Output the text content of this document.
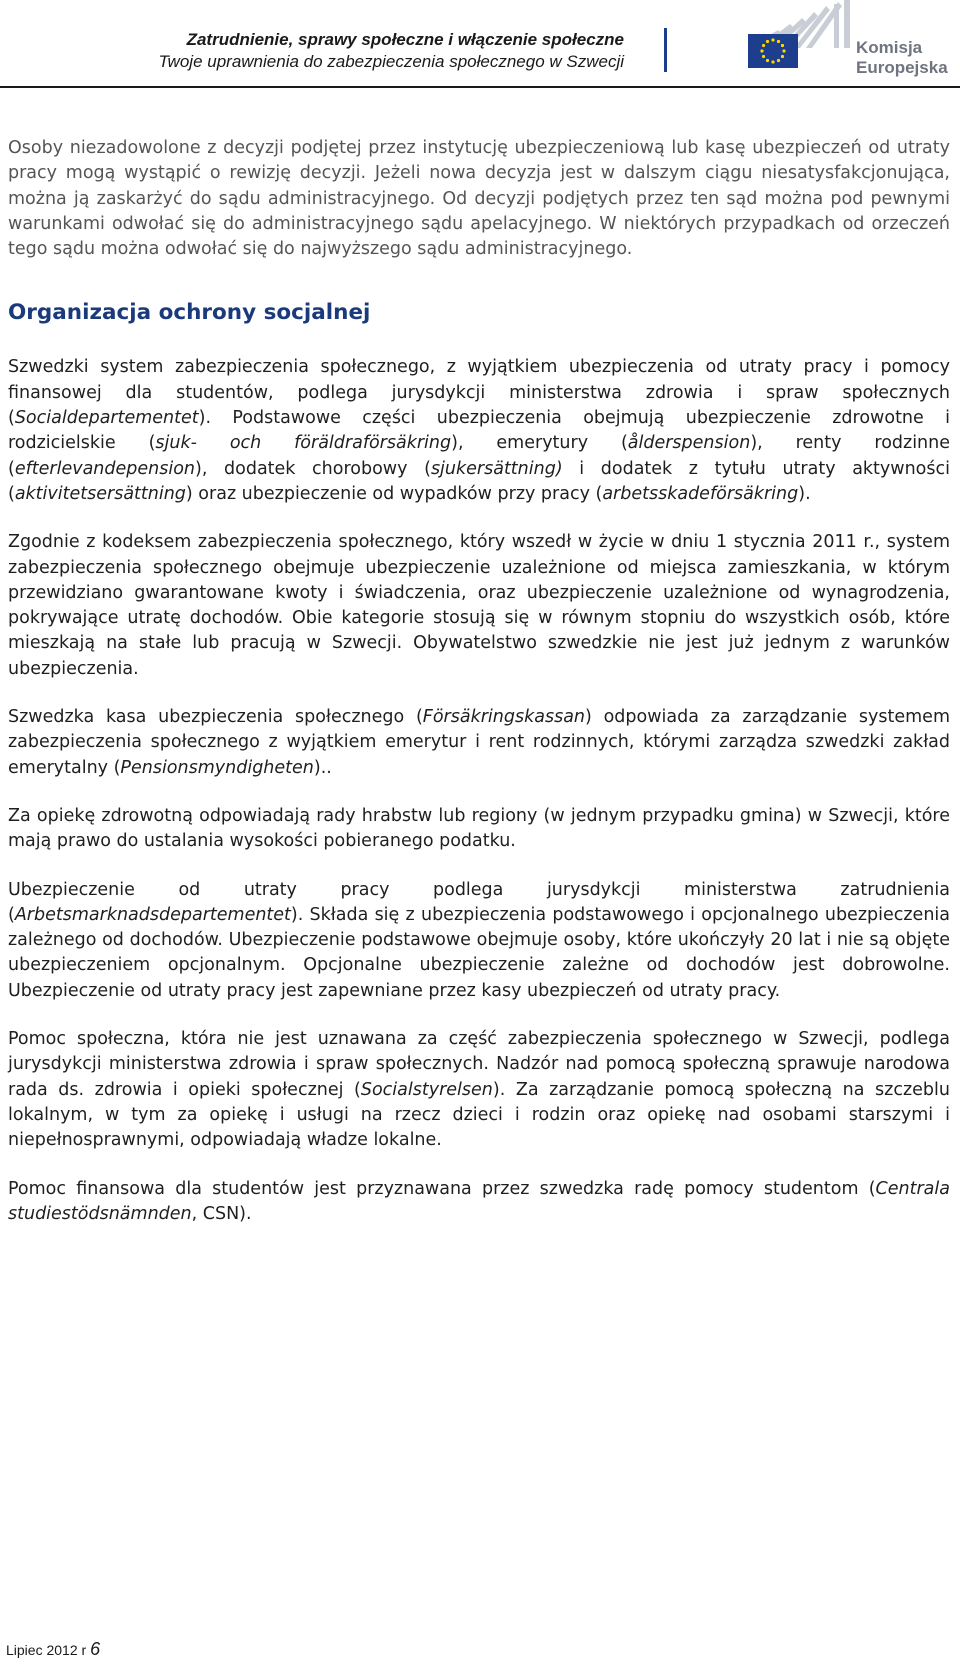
Zatrudnienie, sprawy społeczne i włączenie społeczne
Twoje uprawnienia do zabezpieczenia społecznego w Szwecji
Komisja
Europejska

Osoby niezadowolone z decyzji podjętej przez instytucję ubezpieczeniową lub kasę ubezpieczeń od utraty pracy mogą wystąpić o rewizję decyzji. Jeżeli nowa decyzja jest w dalszym ciągu niesatysfakcjonująca, można ją zaskarżyć do sądu administracyjnego. Od decyzji podjętych przez ten sąd można pod pewnymi warunkami odwołać się do administracyjnego sądu apelacyjnego. W niektórych przypadkach od orzeczeń tego sądu można odwołać się do najwyższego sądu administracyjnego.

Organizacja ochrony socjalnej

Szwedzki system zabezpieczenia społecznego, z wyjątkiem ubezpieczenia od utraty pracy i pomocy finansowej dla studentów, podlega jurysdykcji ministerstwa zdrowia i spraw społecznych (Socialdepartementet). Podstawowe części ubezpieczenia obejmują ubezpieczenie zdrowotne i rodzicielskie (sjuk- och föräldraförsäkring), emerytury (ålderspension), renty rodzinne (efterlevandepension), dodatek chorobowy (sjukersättning) i dodatek z tytułu utraty aktywności (aktivitetsersättning) oraz ubezpieczenie od wypadków przy pracy (arbetsskadeförsäkring).

Zgodnie z kodeksem zabezpieczenia społecznego, który wszedł w życie w dniu 1 stycznia 2011 r., system zabezpieczenia społecznego obejmuje ubezpieczenie uzależnione od miejsca zamieszkania, w którym przewidziano gwarantowane kwoty i świadczenia, oraz ubezpieczenie uzależnione od wynagrodzenia, pokrywające utratę dochodów. Obie kategorie stosują się w równym stopniu do wszystkich osób, które mieszkają na stałe lub pracują w Szwecji. Obywatelstwo szwedzkie nie jest już jednym z warunków ubezpieczenia.

Szwedzka kasa ubezpieczenia społecznego (Försäkringskassan) odpowiada za zarządzanie systemem zabezpieczenia społecznego z wyjątkiem emerytur i rent rodzinnych, którymi zarządza szwedzki zakład emerytalny (Pensionsmyndigheten)..

Za opiekę zdrowotną odpowiadają rady hrabstw lub regiony (w jednym przypadku gmina) w Szwecji, które mają prawo do ustalania wysokości pobieranego podatku.

Ubezpieczenie od utraty pracy podlega jurysdykcji ministerstwa zatrudnienia (Arbetsmarknadsdepartementet). Składa się z ubezpieczenia podstawowego i opcjonalnego ubezpieczenia zależnego od dochodów. Ubezpieczenie podstawowe obejmuje osoby, które ukończyły 20 lat i nie są objęte ubezpieczeniem opcjonalnym. Opcjonalne ubezpieczenie zależne od dochodów jest dobrowolne. Ubezpieczenie od utraty pracy jest zapewniane przez kasy ubezpieczeń od utraty pracy.

Pomoc społeczna, która nie jest uznawana za część zabezpieczenia społecznego w Szwecji, podlega jurysdykcji ministerstwa zdrowia i spraw społecznych. Nadzór nad pomocą społeczną sprawuje narodowa rada ds. zdrowia i opieki społecznej (Socialstyrelsen). Za zarządzanie pomocą społeczną na szczeblu lokalnym, w tym za opiekę i usługi na rzecz dzieci i rodzin oraz opiekę nad osobami starszymi i niepełnosprawnymi, odpowiadają władze lokalne.

Pomoc finansowa dla studentów jest przyznawana przez szwedzka radę pomocy studentom (Centrala studiestödsnämnden, CSN).

Lipiec 2012 r 6
